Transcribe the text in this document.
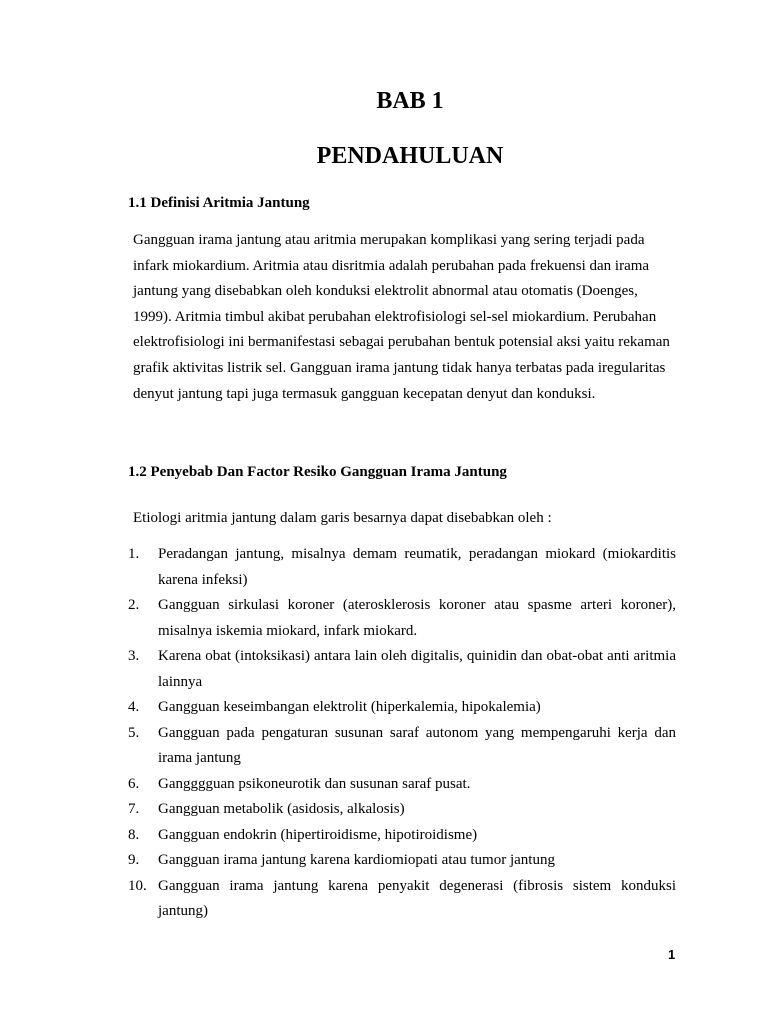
BAB 1
PENDAHULUAN
1.1 Definisi Aritmia Jantung

Gangguan irama jantung atau aritmia merupakan komplikasi yang sering terjadi pada infark miokardium. Aritmia atau disritmia adalah perubahan pada frekuensi dan irama jantung yang disebabkan oleh konduksi elektrolit abnormal atau otomatis (Doenges, 1999). Aritmia timbul akibat perubahan elektrofisiologi sel-sel miokardium. Perubahan elektrofisiologi ini bermanifestasi sebagai perubahan bentuk potensial aksi yaitu rekaman grafik aktivitas listrik sel. Gangguan irama jantung tidak hanya terbatas pada iregularitas denyut jantung tapi juga termasuk gangguan kecepatan denyut dan konduksi.

1.2 Penyebab Dan Factor Resiko Gangguan Irama Jantung

Etiologi aritmia jantung dalam garis besarnya dapat disebabkan oleh :

1. Peradangan jantung, misalnya demam reumatik, peradangan miokard (miokarditis karena infeksi)
2. Gangguan sirkulasi koroner (aterosklerosis koroner atau spasme arteri koroner), misalnya iskemia miokard, infark miokard.
3. Karena obat (intoksikasi) antara lain oleh digitalis, quinidin dan obat-obat anti aritmia lainnya
4. Gangguan keseimbangan elektrolit (hiperkalemia, hipokalemia)
5. Gangguan pada pengaturan susunan saraf autonom yang mempengaruhi kerja dan irama jantung
6. Gangggguan psikoneurotik dan susunan saraf pusat.
7. Gangguan metabolik (asidosis, alkalosis)
8. Gangguan endokrin (hipertiroidisme, hipotiroidisme)
9. Gangguan irama jantung karena kardiomiopati atau tumor jantung
10. Gangguan irama jantung karena penyakit degenerasi (fibrosis sistem konduksi jantung)
1
